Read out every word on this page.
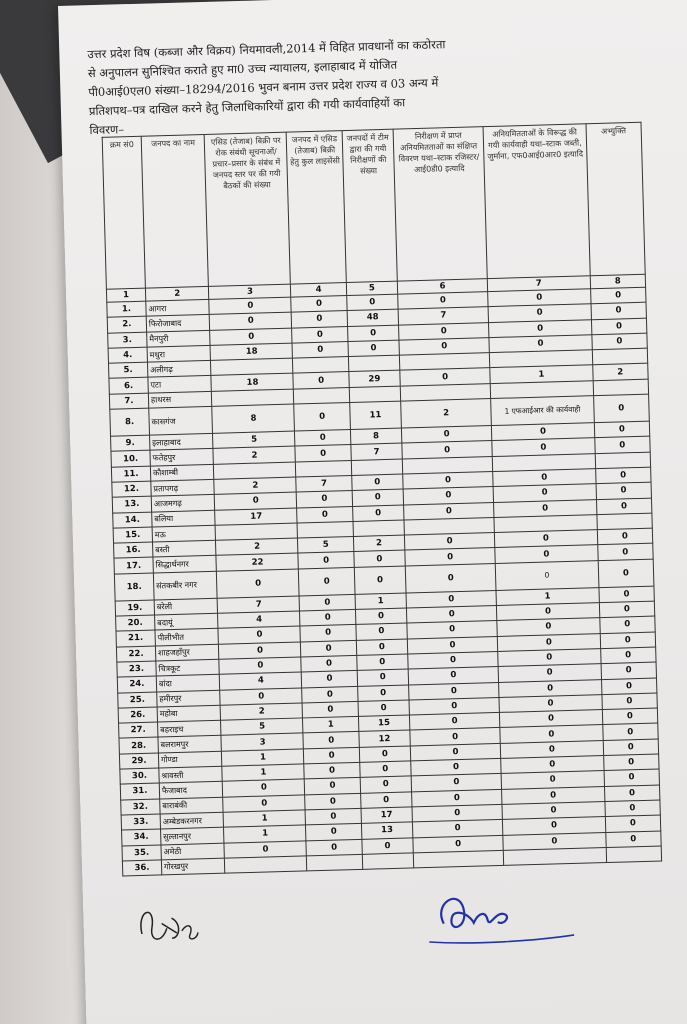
उत्तर प्रदेश विष (कब्जा और विक्रय) नियमावली,2014 में विहित प्रावधानों का कठोरता

से अनुपालन सुनिश्चित कराते हुए मा0 उच्च न्यायालय, इलाहाबाद में योजित

पी0आई0एल0 संख्या–18294/2016 भुवन बनाम उत्तर प्रदेश राज्य व 03 अन्य में

प्रतिशपथ–पत्र दाखिल करने हेतु जिलाधिकारियों द्वारा की गयी कार्यवाहियों का

विवरण–

क्रम सं0	जनपद का नाम	एसिड (तेजाब) बिक्री पर रोक संबंधी सूचनाओं/ प्रचार–प्रसार के संबंध में जनपद स्तर पर की गयी बैठकों की संख्या	जनपद में एसिड (तेजाब) बिक्री हेतु कुल लाइसेंसी	जनपदों में टीम द्वारा की गयी निरीक्षणों की संख्या	निरीक्षण में प्राप्त अनियमितताओं का संक्षिप्त विवरण यथा–स्टाक रजिस्टर/ आई0डी0 इत्यादि	अनियमितताओं के विरूद्ध की गयी कार्यवाही यथा–स्टाक जब्ती, जुर्माना, एफ0आई0आर0 इत्यादि	अभ्युक्ति
1	2	3	4	5	6	7	8
1.	आगरा	0	0	0	0	0	0
2.	फिरोजाबाद	0	0	48	7	0	0
3.	मैनपुरी	0	0	0	0	0	0
4.	मथुरा	18	0	0	0	0	0
5.	अलीगढ़						
6.	एटा	18	0	29	0	1	2
7.	हाथरस						
8.	कासगंज	8	0	11	2	1 एफआईआर की कार्यवाही	0
9.	इलाहाबाद	5	0	8	0	0	0
10.	फतेहपुर	2	0	7	0	0	0
11.	कौशाम्बी						
12.	प्रतापगढ़	2	7	0	0	0	0
13.	आजमगढ़	0	0	0	0	0	0
14.	बलिया	17	0	0	0	0	0
15.	मऊ						
16.	बस्ती	2	5	2	0	0	0
17.	सिद्धार्थनगर	22	0	0	0	0	0
18.	संतकबीर नगर	0	0	0	0	0	0
19.	बरेली	7	0	1	0	1	0
20.	बदायूं	4	0	0	0	0	0
21.	पीलीभीत	0	0	0	0	0	0
22.	शाहजहाँपुर	0	0	0	0	0	0
23.	चित्रकूट	0	0	0	0	0	0
24.	बांदा	4	0	0	0	0	0
25.	हमीरपुर	0	0	0	0	0	0
26.	महोबा	2	0	0	0	0	0
27.	बहराइच	5	1	15	0	0	0
28.	बलरामपुर	3	0	12	0	0	0
29.	गोण्डा	1	0	0	0	0	0
30.	श्रावस्ती	1	0	0	0	0	0
31.	फैजाबाद	0	0	0	0	0	0
32.	बाराबंकी	0	0	0	0	0	0
33.	अम्बेडकरनगर	1	0	17	0	0	0
34.	सुल्तानपुर	1	0	13	0	0	0
35.	अमेठी	0	0	0	0	0	0
36.	गोरखपुर						
